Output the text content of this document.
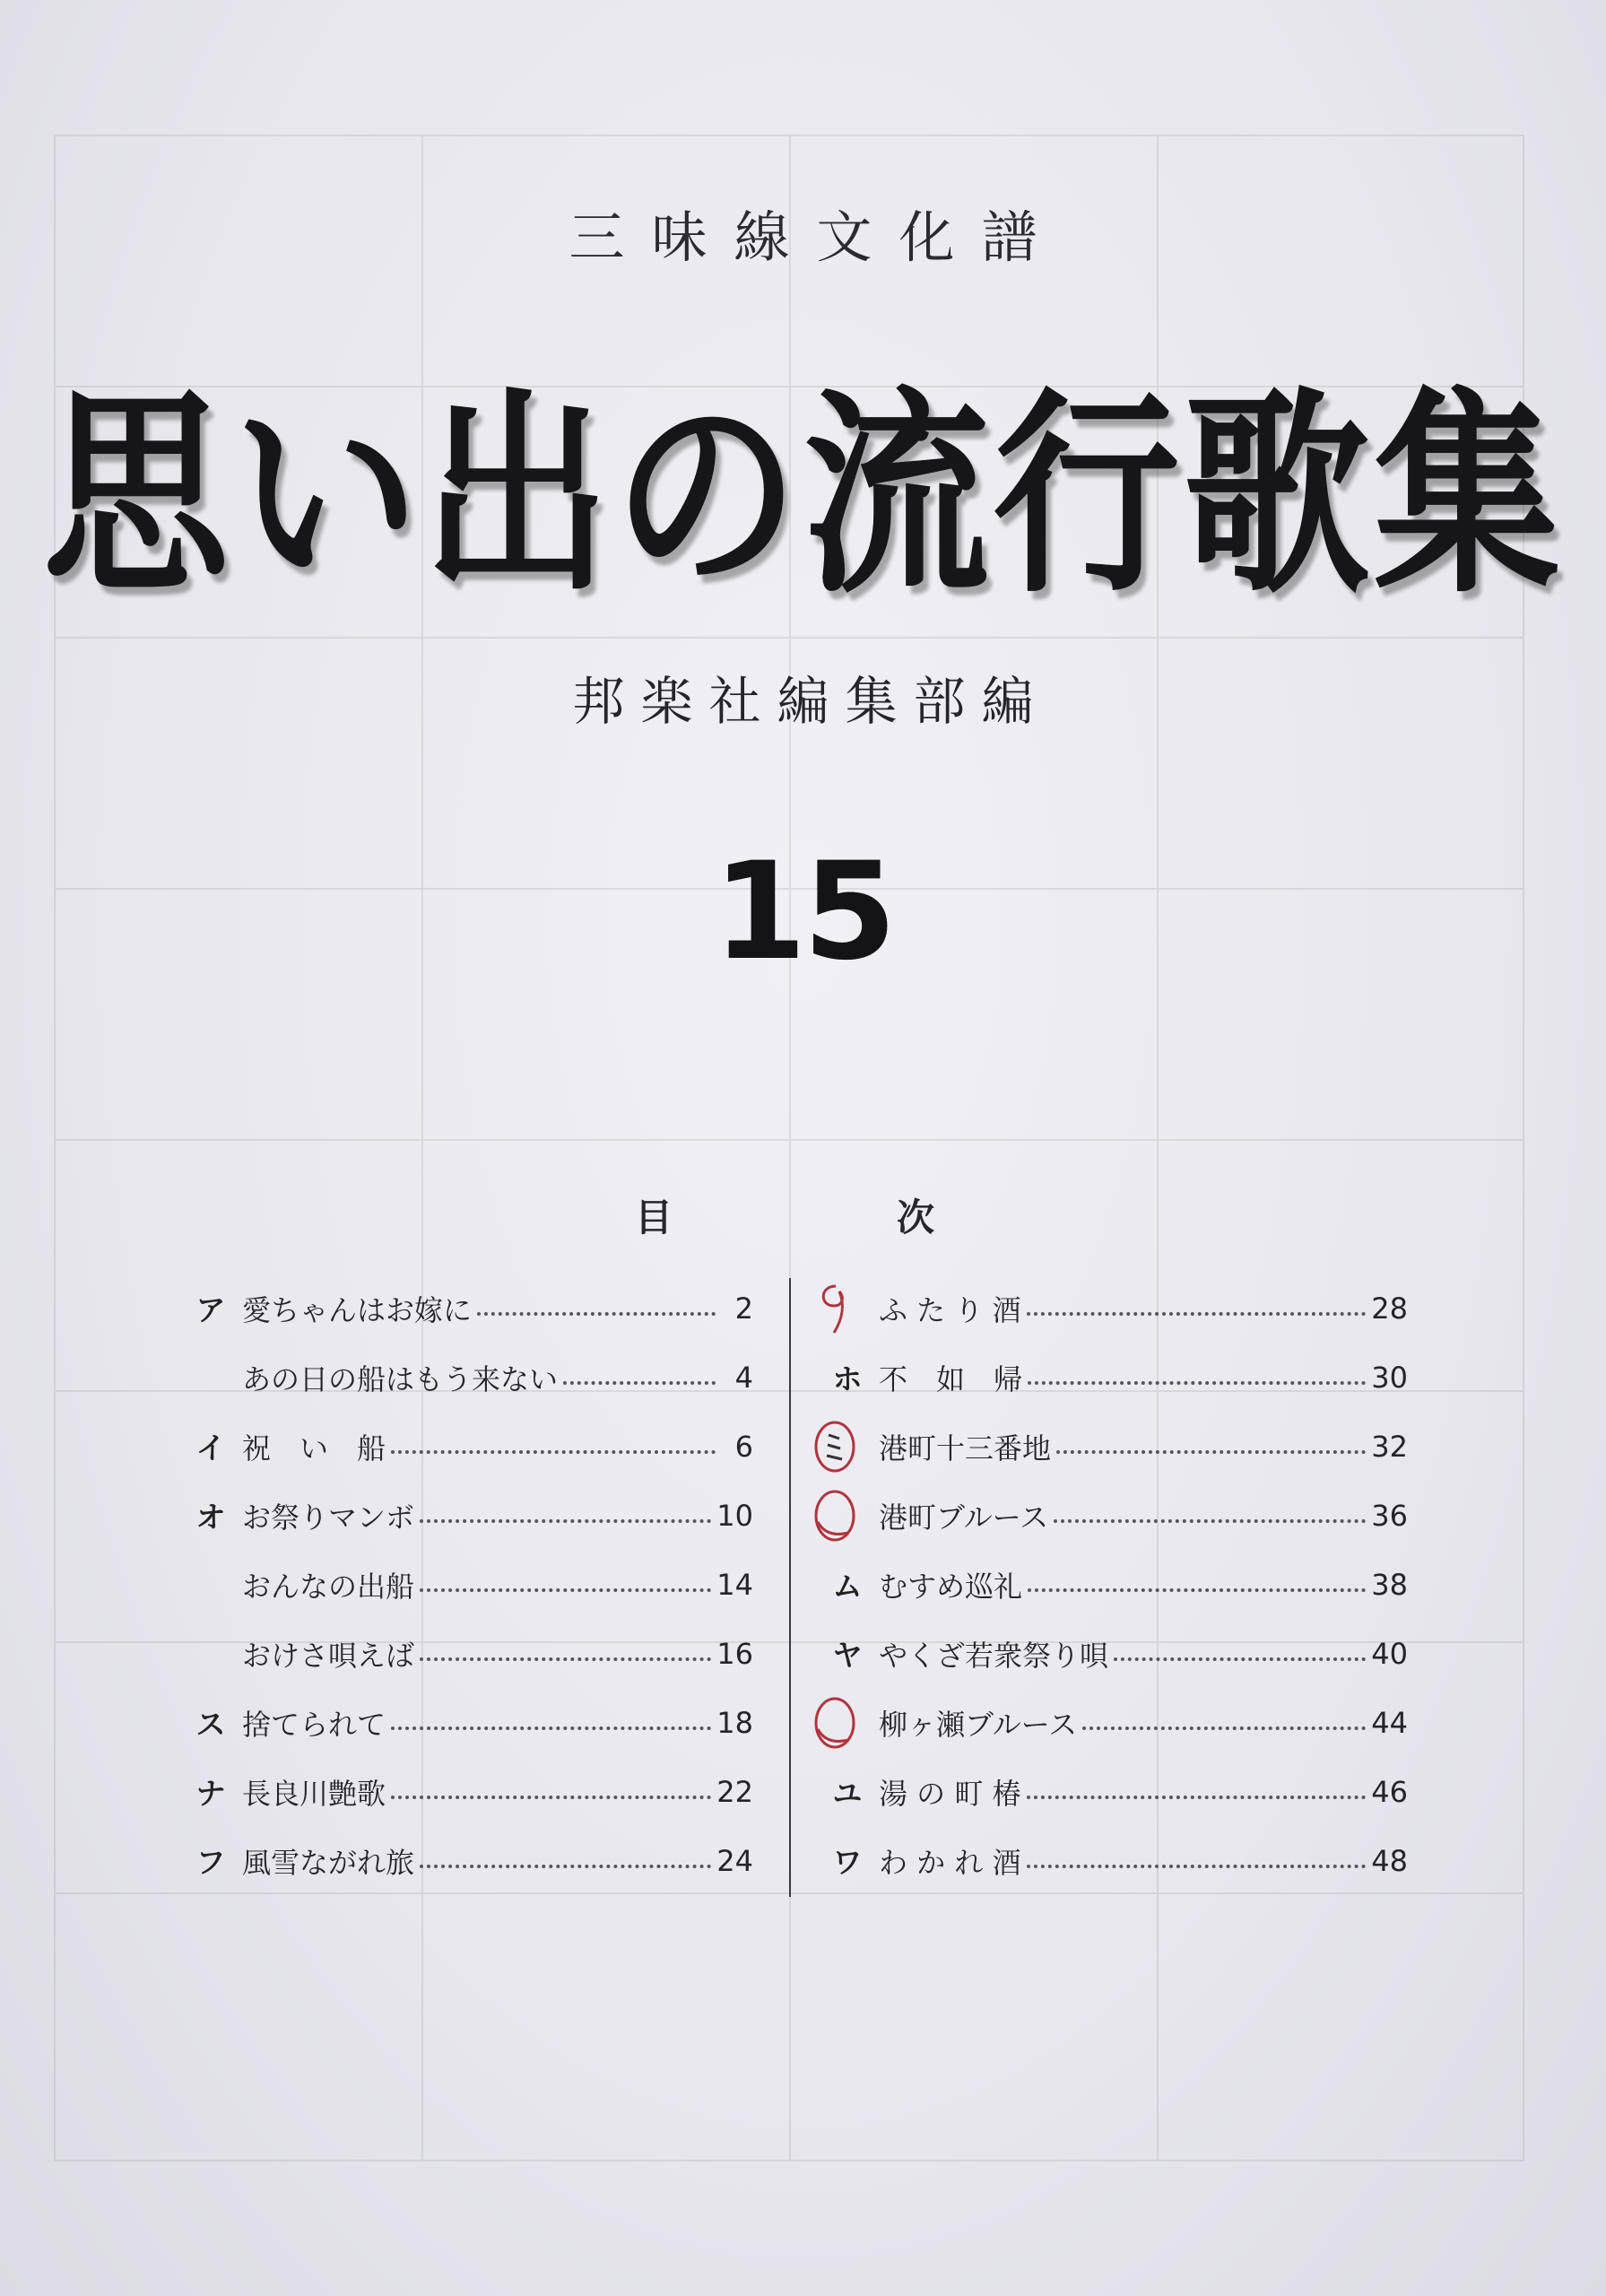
三味線文化譜
思い出の流行歌集
邦楽社編集部編
15
目	次
ア 愛ちゃんはお嫁に	2
あの日の船はもう来ない	4
イ 祝　い　船	6
オ お祭りマンボ	10
おんなの出船	14
おけさ唄えば	16
ス 捨てられて	18
ナ 長良川艶歌	22
フ 風雪ながれ旅	24
ふ た り 酒	28
ホ 不　如　帰	30
港町十三番地	32
港町ブルース	36
ム むすめ巡礼	38
ヤ やくざ若衆祭り唄	40
柳ヶ瀬ブルース	44
ユ 湯 の 町 椿	46
ワ わ か れ 酒	48
